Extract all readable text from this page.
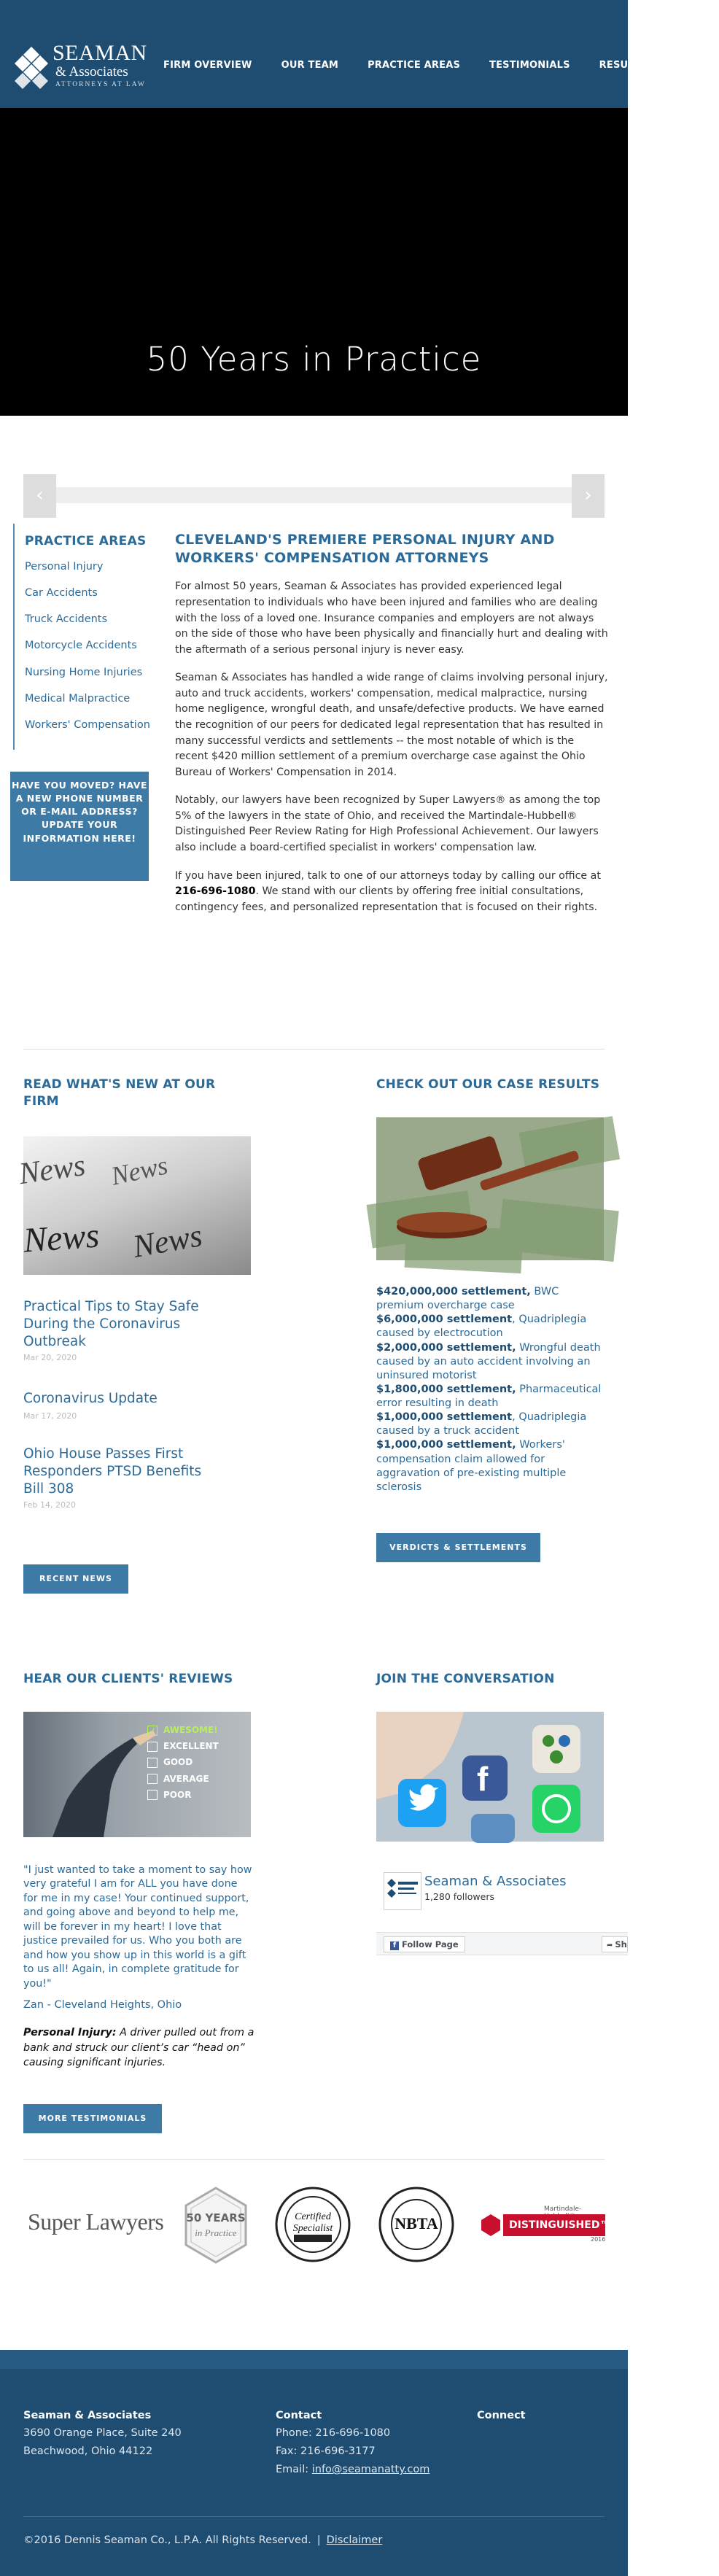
SEAMAN
& Associates
ATTORNEYS AT LAW
FIRM OVERVIEW	OUR TEAM	PRACTICE AREAS	TESTIMONIALS	RESULTS	NE
50 Years in Practice
‹	›
PRACTICE AREAS
Personal Injury
Car Accidents
Truck Accidents
Motorcycle Accidents
Nursing Home Injuries
Medical Malpractice
Workers' Compensation
HAVE YOU MOVED? HAVE A NEW PHONE NUMBER OR E-MAIL ADDRESS? UPDATE YOUR INFORMATION HERE!
CLEVELAND'S PREMIERE PERSONAL INJURY AND WORKERS' COMPENSATION ATTORNEYS

For almost 50 years, Seaman & Associates has provided experienced legal representation to individuals who have been injured and families who are dealing with the loss of a loved one. Insurance companies and employers are not always on the side of those who have been physically and financially hurt and dealing with the aftermath of a serious personal injury is never easy.

Seaman & Associates has handled a wide range of claims involving personal injury, auto and truck accidents, workers' compensation, medical malpractice, nursing home negligence, wrongful death, and unsafe/defective products. We have earned the recognition of our peers for dedicated legal representation that has resulted in many successful verdicts and settlements -- the most notable of which is the recent $420 million settlement of a premium overcharge case against the Ohio Bureau of Workers' Compensation in 2014.

Notably, our lawyers have been recognized by Super Lawyers® as among the top 5% of the lawyers in the state of Ohio, and received the Martindale-Hubbell® Distinguished Peer Review Rating for High Professional Achievement. Our lawyers also include a board-certified specialist in workers' compensation law.

If you have been injured, talk to one of our attorneys today by calling our office at 216-696-1080. We stand with our clients by offering free initial consultations, contingency fees, and personalized representation that is focused on their rights.

READ WHAT'S NEW AT OUR FIRM
News News
News News
Practical Tips to Stay Safe During the Coronavirus Outbreak
Mar 20, 2020
Coronavirus Update
Mar 17, 2020
Ohio House Passes First Responders PTSD Benefits Bill 308
Feb 14, 2020
RECENT NEWS
CHECK OUT OUR CASE RESULTS
$420,000,000 settlement, BWC premium overcharge case
$6,000,000 settlement, Quadriplegia caused by electrocution
$2,000,000 settlement, Wrongful death caused by an auto accident involving an uninsured motorist
$1,800,000 settlement, Pharmaceutical error resulting in death
$1,000,000 settlement, Quadriplegia caused by a truck accident
$1,000,000 settlement, Workers' compensation claim allowed for aggravation of pre-existing multiple sclerosis
VERDICTS & SETTLEMENTS
HEAR OUR CLIENTS' REVIEWS
✓ AWESOME!
EXCELLENT
GOOD
AVERAGE
POOR
"I just wanted to take a moment to say how very grateful I am for ALL you have done for me in my case! Your continued support, and going above and beyond to help me, will be forever in my heart! I love that justice prevailed for us. Who you both are and how you show up in this world is a gift to us all! Again, in complete gratitude for you!"
Zan - Cleveland Heights, Ohio
Personal Injury: A driver pulled out from a bank and struck our client’s car “head on” causing significant injuries.
MORE TESTIMONIALS
JOIN THE CONVERSATION
f
Seaman & Associates
1,280 followers
f Follow Page	➦ Sh
Super Lawyers	50 YEARS
in Practice
Certified
Specialist	NBTA
Martindale-
DISTINGUISHED™
2016
Seaman & Associates
3690 Orange Place, Suite 240
Beachwood, Ohio 44122
Contact
Phone: 216-696-1080
Fax: 216-696-3177
Email: info@seamanatty.com
Connect
©2016 Dennis Seaman Co., L.P.A. All Rights Reserved. | Disclaimer
